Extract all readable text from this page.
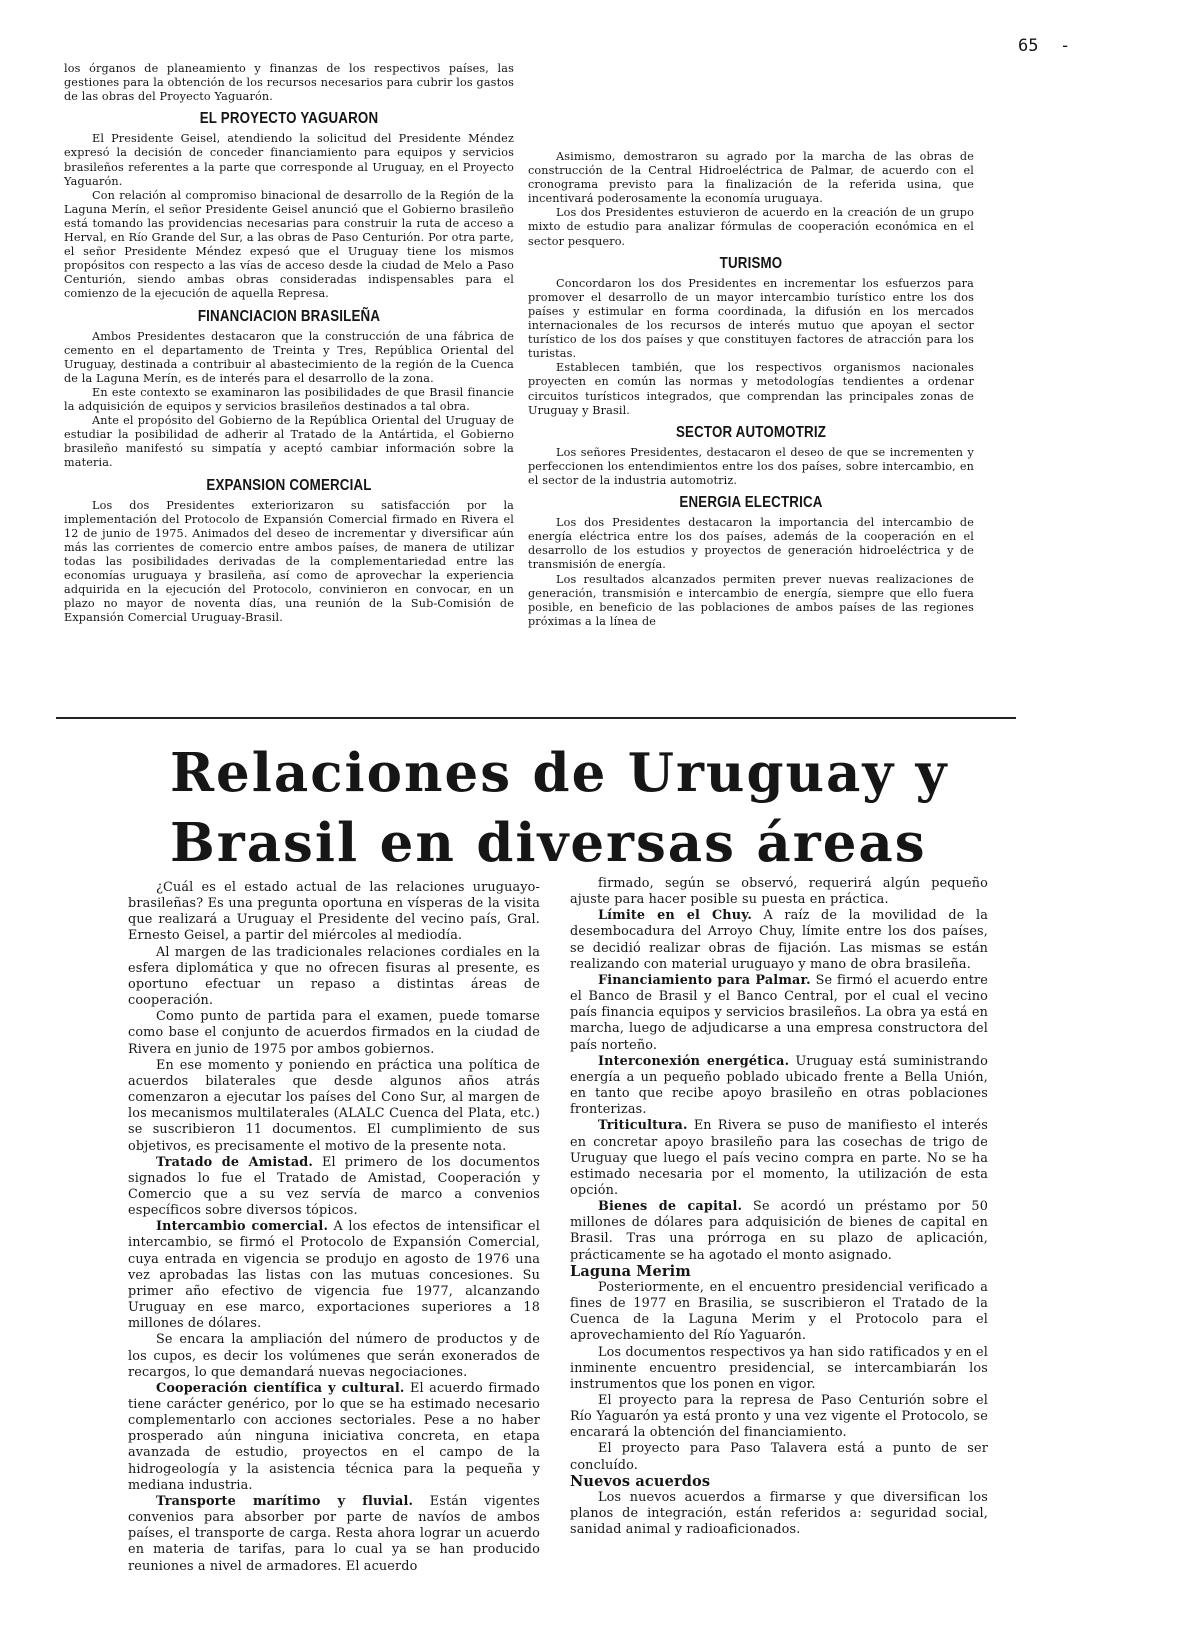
65 -

los órganos de planeamiento y finanzas de los respectivos países, las gestiones para la obtención de los recursos necesarios para cubrir los gastos de las obras del Proyecto Yaguarón.

EL PROYECTO YAGUARON

El Presidente Geisel, atendiendo la solicitud del Presidente Méndez expresó la decisión de conceder financiamiento para equipos y servicios brasileños referentes a la parte que corresponde al Uruguay, en el Proyecto Yaguarón.

Con relación al compromiso binacional de desarrollo de la Región de la Laguna Merín, el señor Presidente Geisel anunció que el Gobierno brasileño está tomando las providencias necesarias para construir la ruta de acceso a Herval, en Río Grande del Sur, a las obras de Paso Centurión. Por otra parte, el señor Presidente Méndez expesó que el Uruguay tiene los mismos propósitos con respecto a las vías de acceso desde la ciudad de Melo a Paso Centurión, siendo ambas obras consideradas indispensables para el comienzo de la ejecución de aquella Represa.

FINANCIACION BRASILEÑA

Ambos Presidentes destacaron que la construcción de una fábrica de cemento en el departamento de Treinta y Tres, República Oriental del Uruguay, destinada a contribuir al abastecimiento de la región de la Cuenca de la Laguna Merín, es de interés para el desarrollo de la zona.

En este contexto se examinaron las posibilidades de que Brasil financie la adquisición de equipos y servicios brasileños destinados a tal obra.

Ante el propósito del Gobierno de la República Oriental del Uruguay de estudiar la posibilidad de adherir al Tratado de la Antártida, el Gobierno brasileño manifestó su simpatía y aceptó cambiar información sobre la materia.

EXPANSION COMERCIAL

Los dos Presidentes exteriorizaron su satisfacción por la implementación del Protocolo de Expansión Comercial firmado en Rivera el 12 de junio de 1975. Animados del deseo de incrementar y diversificar aún más las corrientes de comercio entre ambos países, de manera de utilizar todas las posibilidades derivadas de la complementariedad entre las economías uruguaya y brasileña, así como de aprovechar la experiencia adquirida en la ejecución del Protocolo, convinieron en convocar, en un plazo no mayor de noventa días, una reunión de la Sub-Comisión de Expansión Comercial Uruguay-Brasil.

Asimismo, demostraron su agrado por la marcha de las obras de construcción de la Central Hidroeléctrica de Palmar, de acuerdo con el cronograma previsto para la finalización de la referida usina, que incentivará poderosamente la economía uruguaya.

Los dos Presidentes estuvieron de acuerdo en la creación de un grupo mixto de estudio para analizar fórmulas de cooperación económica en el sector pesquero.

TURISMO

Concordaron los dos Presidentes en incrementar los esfuerzos para promover el desarrollo de un mayor intercambio turístico entre los dos países y estimular en forma coordinada, la difusión en los mercados internacionales de los recursos de interés mutuo que apoyan el sector turístico de los dos países y que constituyen factores de atracción para los turistas.

Establecen también, que los respectivos organismos nacionales proyecten en común las normas y metodologías tendientes a ordenar circuitos turísticos integrados, que comprendan las principales zonas de Uruguay y Brasil.

SECTOR AUTOMOTRIZ

Los señores Presidentes, destacaron el deseo de que se incrementen y perfeccionen los entendimientos entre los dos países, sobre intercambio, en el sector de la industria automotriz.

ENERGIA ELECTRICA

Los dos Presidentes destacaron la importancia del intercambio de energía eléctrica entre los dos países, además de la cooperación en el desarrollo de los estudios y proyectos de generación hidroeléctrica y de transmisión de energía.

Los resultados alcanzados permiten prever nuevas realizaciones de generación, transmisión e intercambio de energía, siempre que ello fuera posible, en beneficio de las poblaciones de ambos países de las regiones próximas a la línea de

Relaciones de Uruguay y
Brasil en diversas áreas

¿Cuál es el estado actual de las relaciones uruguayo-brasileñas? Es una pregunta oportuna en vísperas de la visita que realizará a Uruguay el Presidente del vecino país, Gral. Ernesto Geisel, a partir del miércoles al mediodía.

Al margen de las tradicionales relaciones cordiales en la esfera diplomática y que no ofrecen fisuras al presente, es oportuno efectuar un repaso a distintas áreas de cooperación.

Como punto de partida para el examen, puede tomarse como base el conjunto de acuerdos firmados en la ciudad de Rivera en junio de 1975 por ambos gobiernos.

En ese momento y poniendo en práctica una política de acuerdos bilaterales que desde algunos años atrás comenzaron a ejecutar los países del Cono Sur, al margen de los mecanismos multilaterales (ALALC Cuenca del Plata, etc.) se suscribieron 11 documentos. El cumplimiento de sus objetivos, es precisamente el motivo de la presente nota.

Tratado de Amistad. El primero de los documentos signados lo fue el Tratado de Amistad, Cooperación y Comercio que a su vez servía de marco a convenios específicos sobre diversos tópicos.

Intercambio comercial. A los efectos de intensificar el intercambio, se firmó el Protocolo de Expansión Comercial, cuya entrada en vigencia se produjo en agosto de 1976 una vez aprobadas las listas con las mutuas concesiones. Su primer año efectivo de vigencia fue 1977, alcanzando Uruguay en ese marco, exportaciones superiores a 18 millones de dólares.

Se encara la ampliación del número de productos y de los cupos, es decir los volúmenes que serán exonerados de recargos, lo que demandará nuevas negociaciones.

Cooperación científica y cultural. El acuerdo firmado tiene carácter genérico, por lo que se ha estimado necesario complementarlo con acciones sectoriales. Pese a no haber prosperado aún ninguna iniciativa concreta, en etapa avanzada de estudio, proyectos en el campo de la hidrogeología y la asistencia técnica para la pequeña y mediana industria.

Transporte marítimo y fluvial. Están vigentes convenios para absorber por parte de navíos de ambos países, el transporte de carga. Resta ahora lograr un acuerdo en materia de tarifas, para lo cual ya se han producido reuniones a nivel de armadores. El acuerdo

firmado, según se observó, requerirá algún pequeño ajuste para hacer posible su puesta en práctica.

Límite en el Chuy. A raíz de la movilidad de la desembocadura del Arroyo Chuy, límite entre los dos países, se decidió realizar obras de fijación. Las mismas se están realizando con material uruguayo y mano de obra brasileña.

Financiamiento para Palmar. Se firmó el acuerdo entre el Banco de Brasil y el Banco Central, por el cual el vecino país financia equipos y servicios brasileños. La obra ya está en marcha, luego de adjudicarse a una empresa constructora del país norteño.

Interconexión energética. Uruguay está suministrando energía a un pequeño poblado ubicado frente a Bella Unión, en tanto que recibe apoyo brasileño en otras poblaciones fronterizas.

Triticultura. En Rivera se puso de manifiesto el interés en concretar apoyo brasileño para las cosechas de trigo de Uruguay que luego el país vecino compra en parte. No se ha estimado necesaria por el momento, la utilización de esta opción.

Bienes de capital. Se acordó un préstamo por 50 millones de dólares para adquisición de bienes de capital en Brasil. Tras una prórroga en su plazo de aplicación, prácticamente se ha agotado el monto asignado.

Laguna Merim

Posteriormente, en el encuentro presidencial verificado a fines de 1977 en Brasilia, se suscribieron el Tratado de la Cuenca de la Laguna Merim y el Protocolo para el aprovechamiento del Río Yaguarón.

Los documentos respectivos ya han sido ratificados y en el inminente encuentro presidencial, se intercambiarán los instrumentos que los ponen en vigor.

El proyecto para la represa de Paso Centurión sobre el Río Yaguarón ya está pronto y una vez vigente el Protocolo, se encarará la obtención del financiamiento.

El proyecto para Paso Talavera está a punto de ser concluído.

Nuevos acuerdos

Los nuevos acuerdos a firmarse y que diversifican los planos de integración, están referidos a: seguridad social, sanidad animal y radioaficionados.
